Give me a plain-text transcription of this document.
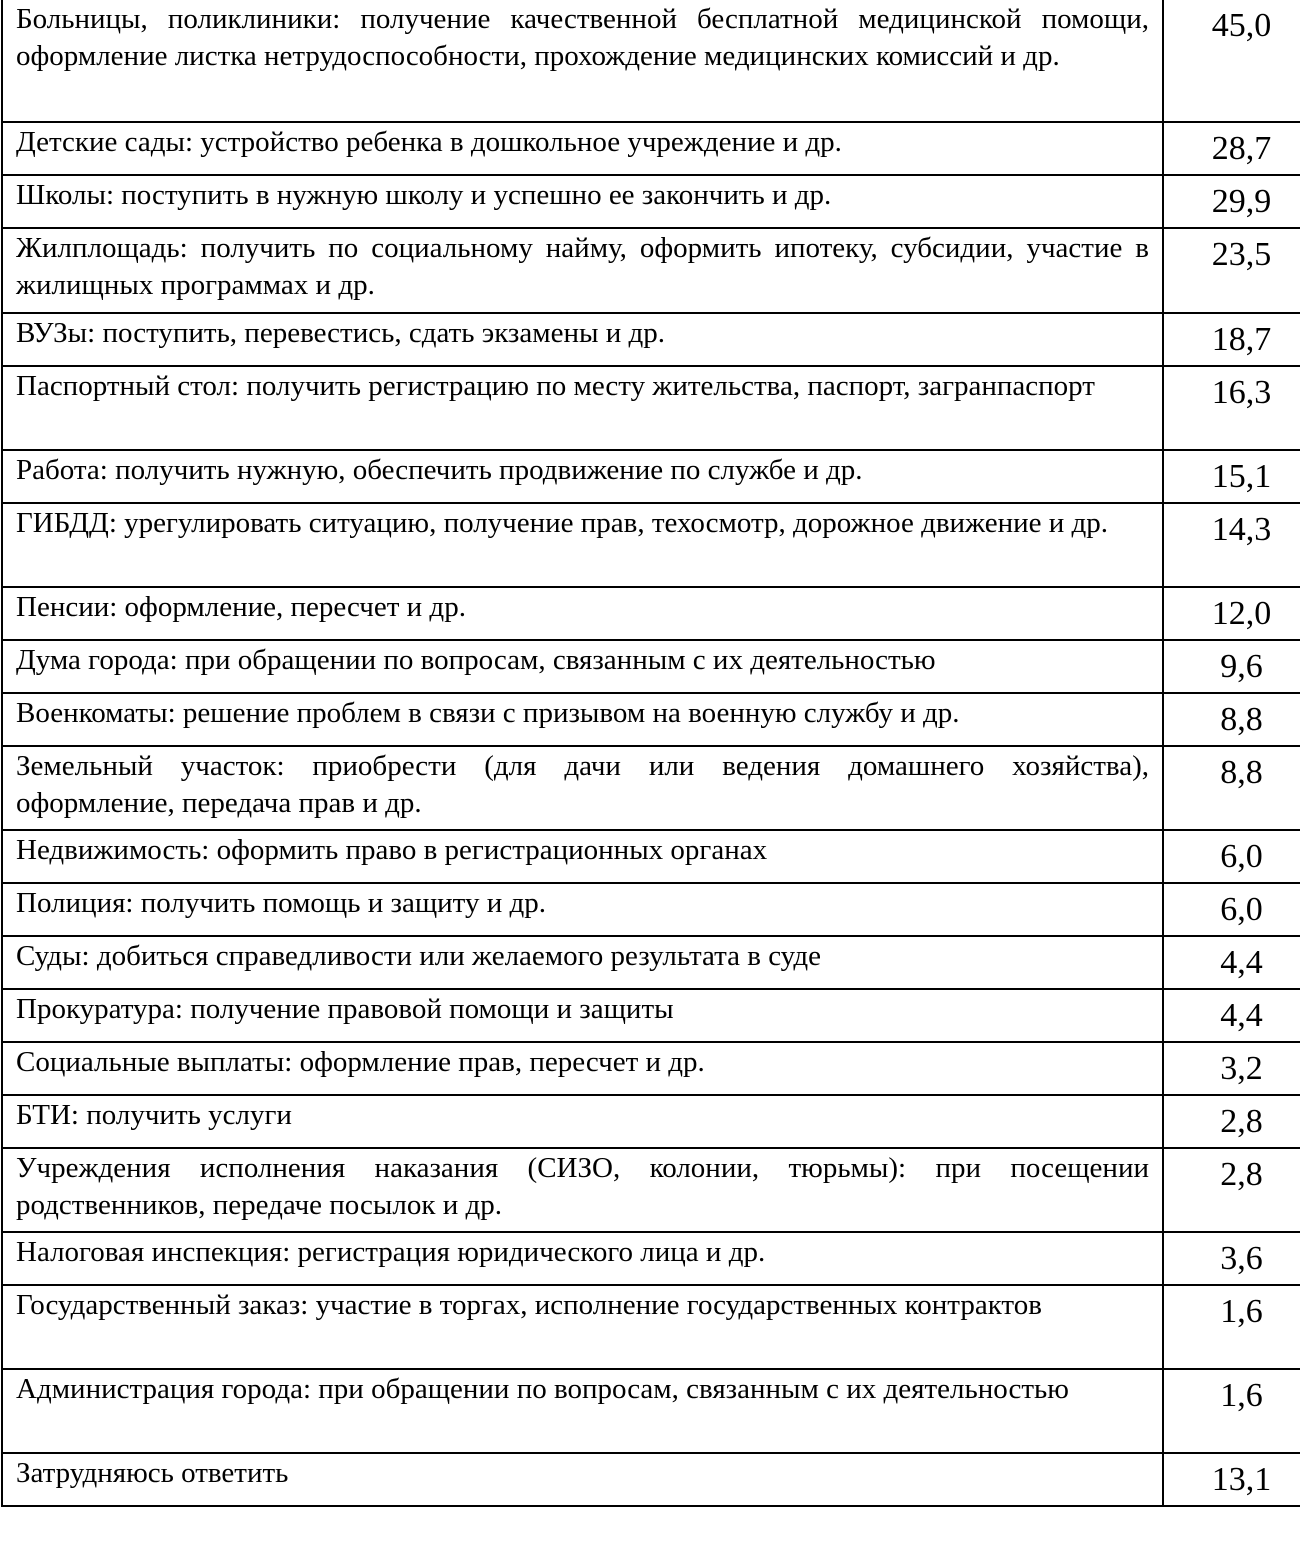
Больницы, поликлиники: получение качественной бесплатной медицинской помощи, оформление листка нетрудоспособности, прохождение медицинских комиссий и др.	45,0
Детские сады: устройство ребенка в дошкольное учреждение и др.	28,7
Школы: поступить в нужную школу и успешно ее закончить и др.	29,9
Жилплощадь: получить по социальному найму, оформить ипотеку, субсидии, участие в жилищных программах и др.	23,5
ВУЗы: поступить, перевестись, сдать экзамены и др.	18,7
Паспортный стол: получить регистрацию по месту жительства, паспорт, загранпаспорт	16,3
Работа: получить нужную, обеспечить продвижение по службе и др.	15,1
ГИБДД: урегулировать ситуацию, получение прав, техосмотр, дорожное движение и др.	14,3
Пенсии: оформление, пересчет и др.	12,0
Дума города: при обращении по вопросам, связанным с их деятельностью	9,6
Военкоматы: решение проблем в связи с призывом на военную службу и др.	8,8
Земельный участок: приобрести (для дачи или ведения домашнего хозяйства), оформление, передача прав и др.	8,8
Недвижимость: оформить право в регистрационных органах	6,0
Полиция: получить помощь и защиту и др.	6,0
Суды: добиться справедливости или желаемого результата в суде	4,4
Прокуратура: получение правовой помощи и защиты	4,4
Социальные выплаты: оформление прав, пересчет и др.	3,2
БТИ: получить услуги	2,8
Учреждения исполнения наказания (СИЗО, колонии, тюрьмы): при посещении родственников, передаче посылок и др.	2,8
Налоговая инспекция: регистрация юридического лица и др.	3,6
Государственный заказ: участие в торгах, исполнение государственных контрактов	1,6
Администрация города: при обращении по вопросам, связанным с их деятельностью	1,6
Затрудняюсь ответить	13,1
